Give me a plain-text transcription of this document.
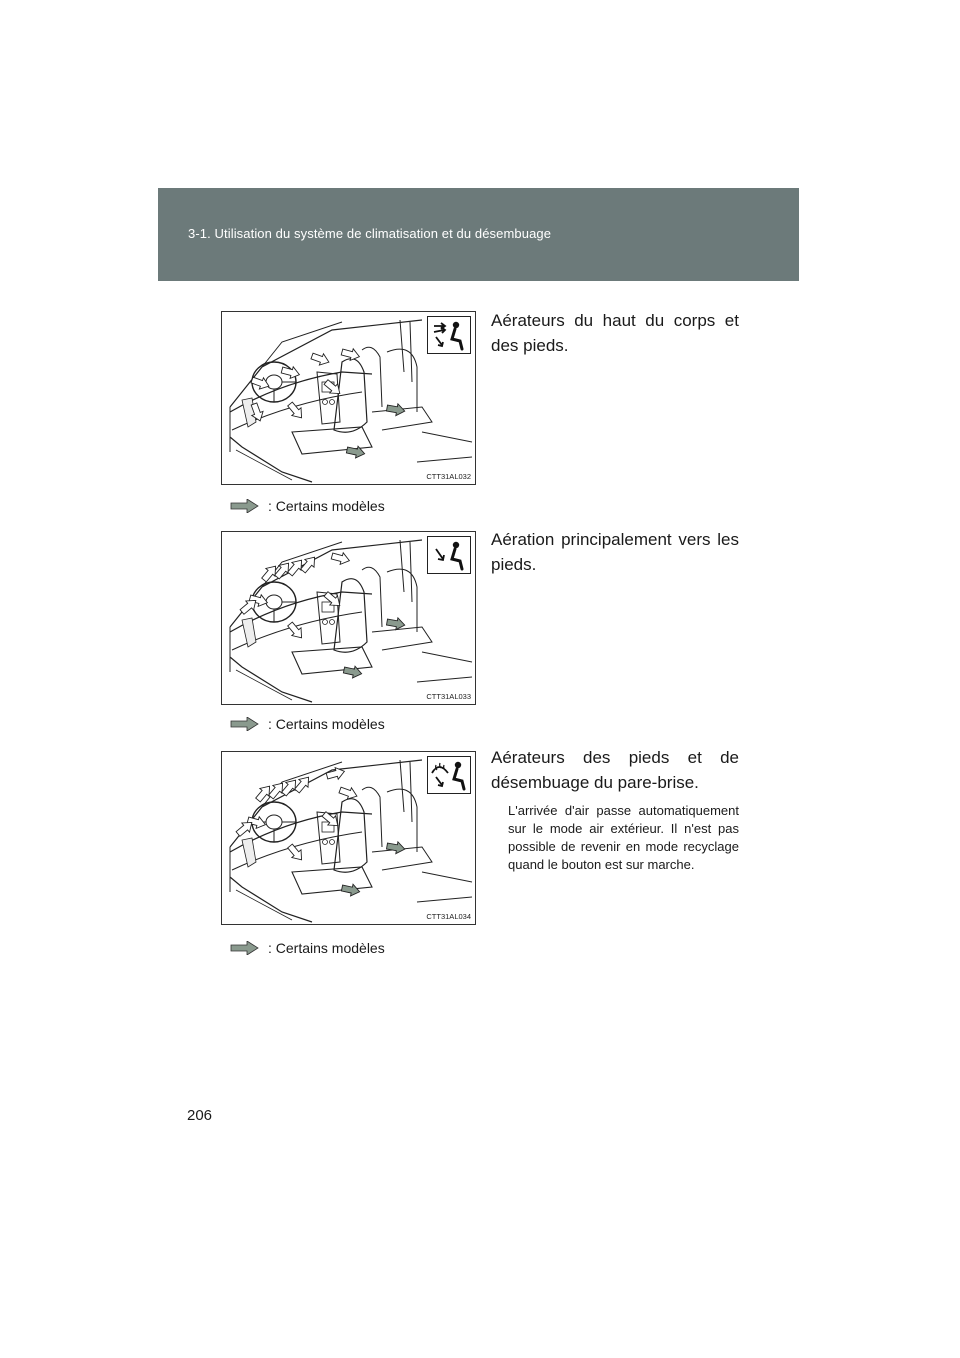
3-1. Utilisation du système de climatisation et du désembuage
CTT31AL032
: Certains modèles
Aérateurs du haut du corps et des pieds.
CTT31AL033
: Certains modèles
Aération principalement vers les pieds.
CTT31AL034
: Certains modèles
Aérateurs des pieds et de désembuage du pare-brise.
L'arrivée d'air passe automatiquement sur le mode air extérieur. Il n'est pas possible de revenir en mode recyclage quand le bouton est sur marche.
206
